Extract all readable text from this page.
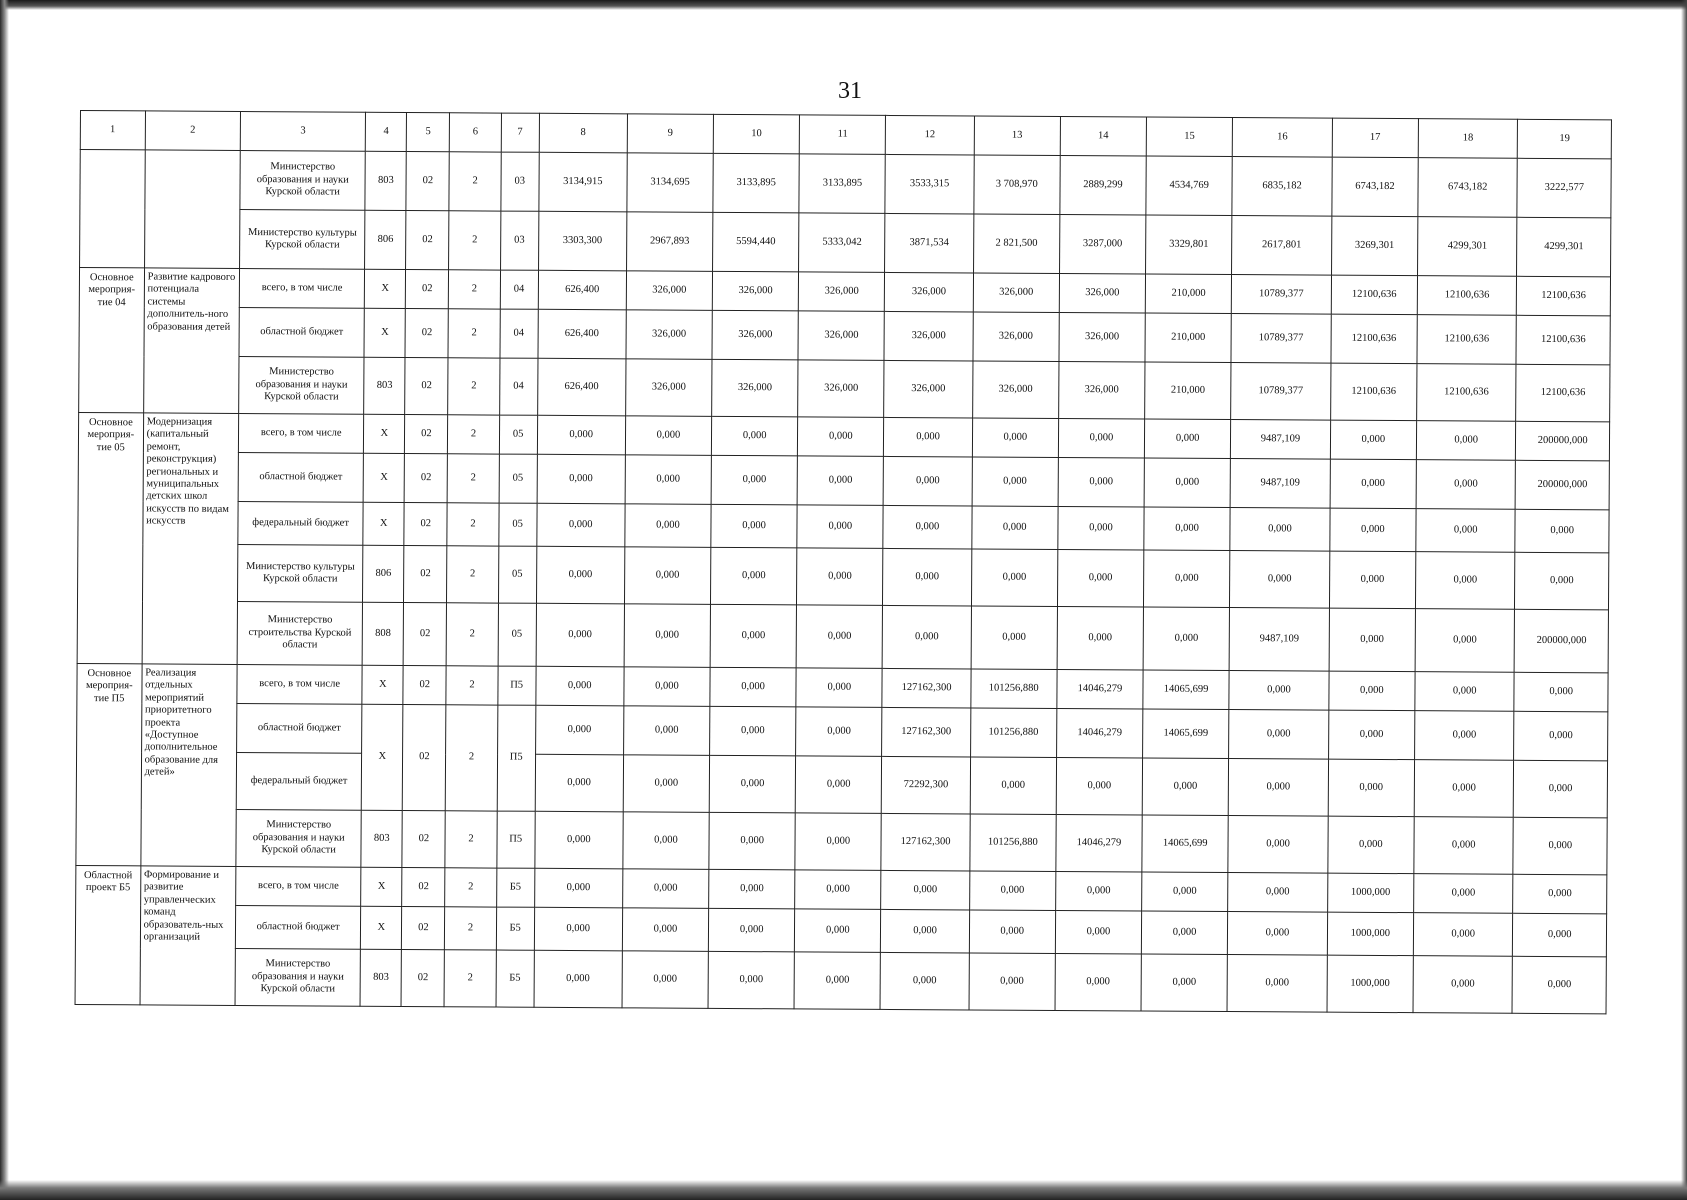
31
1	2	3	4	5	6	7	8	9	10	11	12	13	14	15	16	17	18	19
		Министерство образования и науки Курской области	803	02	2	03	3134,915	3134,695	3133,895	3133,895	3533,315	3 708,970	2889,299	4534,769	6835,182	6743,182	6743,182	3222,577
		Министерство культуры Курской области	806	02	2	03	3303,300	2967,893	5594,440	5333,042	3871,534	2 821,500	3287,000	3329,801	2617,801	3269,301	4299,301	4299,301
Основное мероприя-тие 04	Развитие кадрового потенциала системы дополнитель-ного образования детей	всего, в том числе	Х	02	2	04	626,400	326,000	326,000	326,000	326,000	326,000	326,000	210,000	10789,377	12100,636	12100,636	12100,636
		областной бюджет	Х	02	2	04	626,400	326,000	326,000	326,000	326,000	326,000	326,000	210,000	10789,377	12100,636	12100,636	12100,636
		Министерство образования и науки Курской области	803	02	2	04	626,400	326,000	326,000	326,000	326,000	326,000	326,000	210,000	10789,377	12100,636	12100,636	12100,636
Основное мероприя-тие 05	Модернизация (капитальный ремонт, реконструкция) региональных и муниципальных детских школ искусств по видам искусств	всего, в том числе	Х	02	2	05	0,000	0,000	0,000	0,000	0,000	0,000	0,000	0,000	9487,109	0,000	0,000	200000,000
		областной бюджет	Х	02	2	05	0,000	0,000	0,000	0,000	0,000	0,000	0,000	0,000	9487,109	0,000	0,000	200000,000
		федеральный бюджет	Х	02	2	05	0,000	0,000	0,000	0,000	0,000	0,000	0,000	0,000	0,000	0,000	0,000	0,000
		Министерство культуры Курской области	806	02	2	05	0,000	0,000	0,000	0,000	0,000	0,000	0,000	0,000	0,000	0,000	0,000	0,000
		Министерство строительства Курской области	808	02	2	05	0,000	0,000	0,000	0,000	0,000	0,000	0,000	0,000	9487,109	0,000	0,000	200000,000
Основное мероприя-тие П5	Реализация отдельных мероприятий приоритетного проекта «Доступное дополнительное образование для детей»	всего, в том числе	Х	02	2	П5	0,000	0,000	0,000	0,000	127162,300	101256,880	14046,279	14065,699	0,000	0,000	0,000	0,000
		областной бюджет	Х	02	2	П5	0,000	0,000	0,000	0,000	127162,300	101256,880	14046,279	14065,699	0,000	0,000	0,000	0,000
		федеральный бюджет					0,000	0,000	0,000	0,000	72292,300	0,000	0,000	0,000	0,000	0,000	0,000	0,000
		Министерство образования и науки Курской области	803	02	2	П5	0,000	0,000	0,000	0,000	127162,300	101256,880	14046,279	14065,699	0,000	0,000	0,000	0,000
Областной проект Б5	Формирование и развитие управленческих команд образователь-ных организаций	всего, в том числе	Х	02	2	Б5	0,000	0,000	0,000	0,000	0,000	0,000	0,000	0,000	0,000	1000,000	0,000	0,000
		областной бюджет	Х	02	2	Б5	0,000	0,000	0,000	0,000	0,000	0,000	0,000	0,000	0,000	1000,000	0,000	0,000
		Министерство образования и науки Курской области	803	02	2	Б5	0,000	0,000	0,000	0,000	0,000	0,000	0,000	0,000	0,000	1000,000	0,000	0,000
